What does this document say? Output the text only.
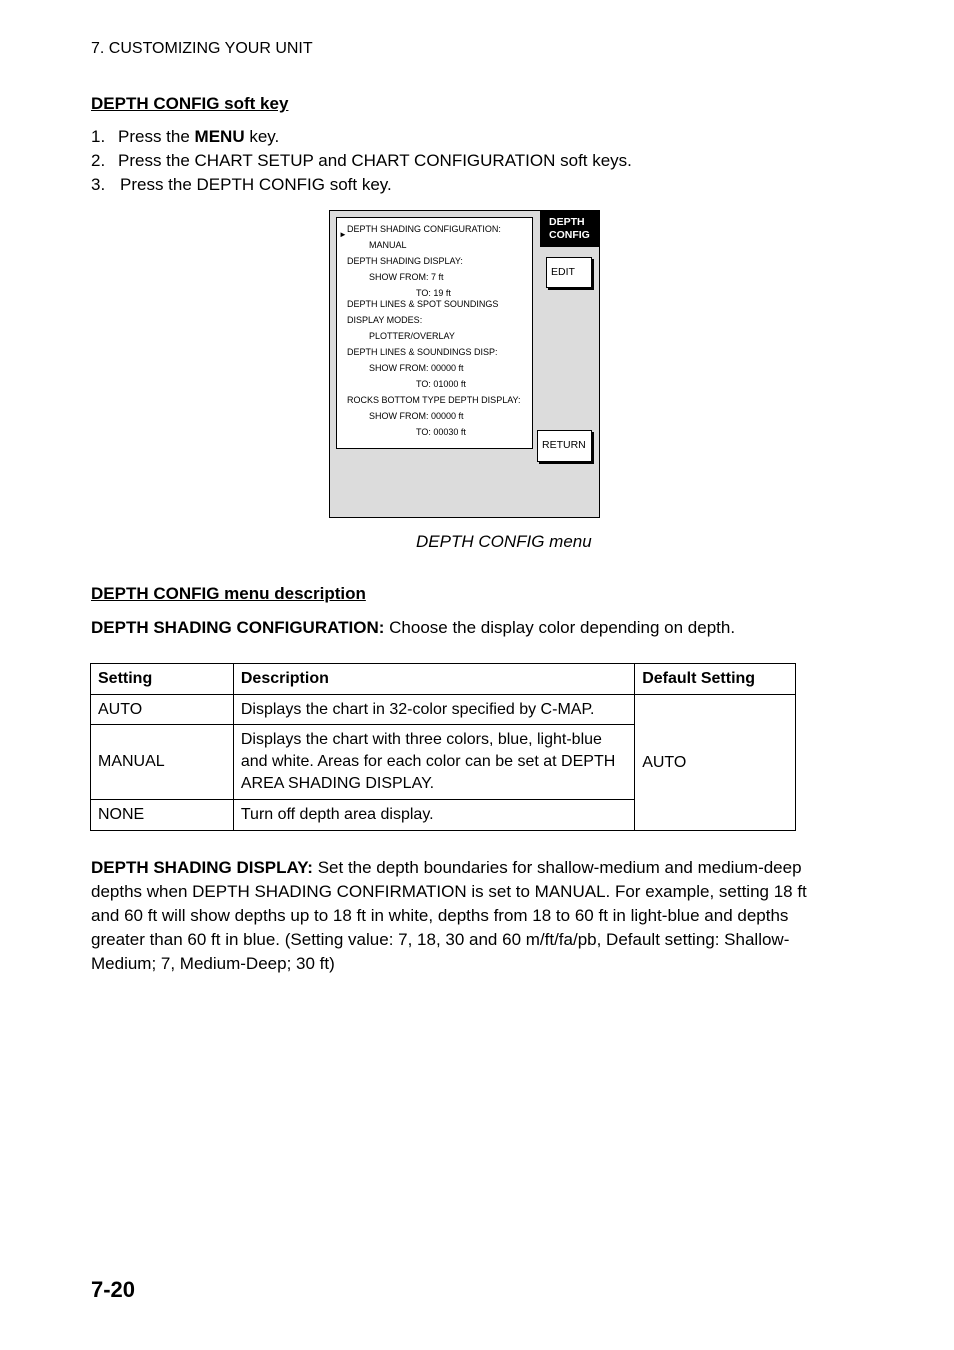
7. CUSTOMIZING YOUR UNIT
DEPTH CONFIG soft key
1. Press the MENU key.
2. Press the CHART SETUP and CHART CONFIGURATION soft keys.
3. Press the DEPTH CONFIG soft key.
►
DEPTH SHADING CONFIGURATION:
MANUAL
DEPTH SHADING DISPLAY:
SHOW FROM: 7 ft
TO: 19 ft
DEPTH LINES & SPOT SOUNDINGS
DISPLAY MODES:
PLOTTER/OVERLAY
DEPTH LINES & SOUNDINGS DISP:
SHOW FROM: 00000 ft
TO: 01000 ft
ROCKS BOTTOM TYPE DEPTH DISPLAY:
SHOW FROM: 00000 ft
TO: 00030 ft
DEPTH
CONFIG
EDIT
RETURN
DEPTH CONFIG menu
DEPTH CONFIG menu description
DEPTH SHADING CONFIGURATION: Choose the display color depending on depth.
Setting	Description	Default Setting
AUTO	Displays the chart in 32-color specified by C-MAP.	AUTO
MANUAL	Displays the chart with three colors, blue, light-blue and white. Areas for each color can be set at DEPTH AREA SHADING DISPLAY.	
NONE	Turn off depth area display.	
DEPTH SHADING DISPLAY: Set the depth boundaries for shallow-medium and medium-deep depths when DEPTH SHADING CONFIRMATION is set to MANUAL. For example, setting 18 ft and 60 ft will show depths up to 18 ft in white, depths from 18 to 60 ft in light-blue and depths greater than 60 ft in blue. (Setting value: 7, 18, 30 and 60 m/ft/fa/pb, Default setting: Shallow-Medium; 7, Medium-Deep; 30 ft)
7-20
